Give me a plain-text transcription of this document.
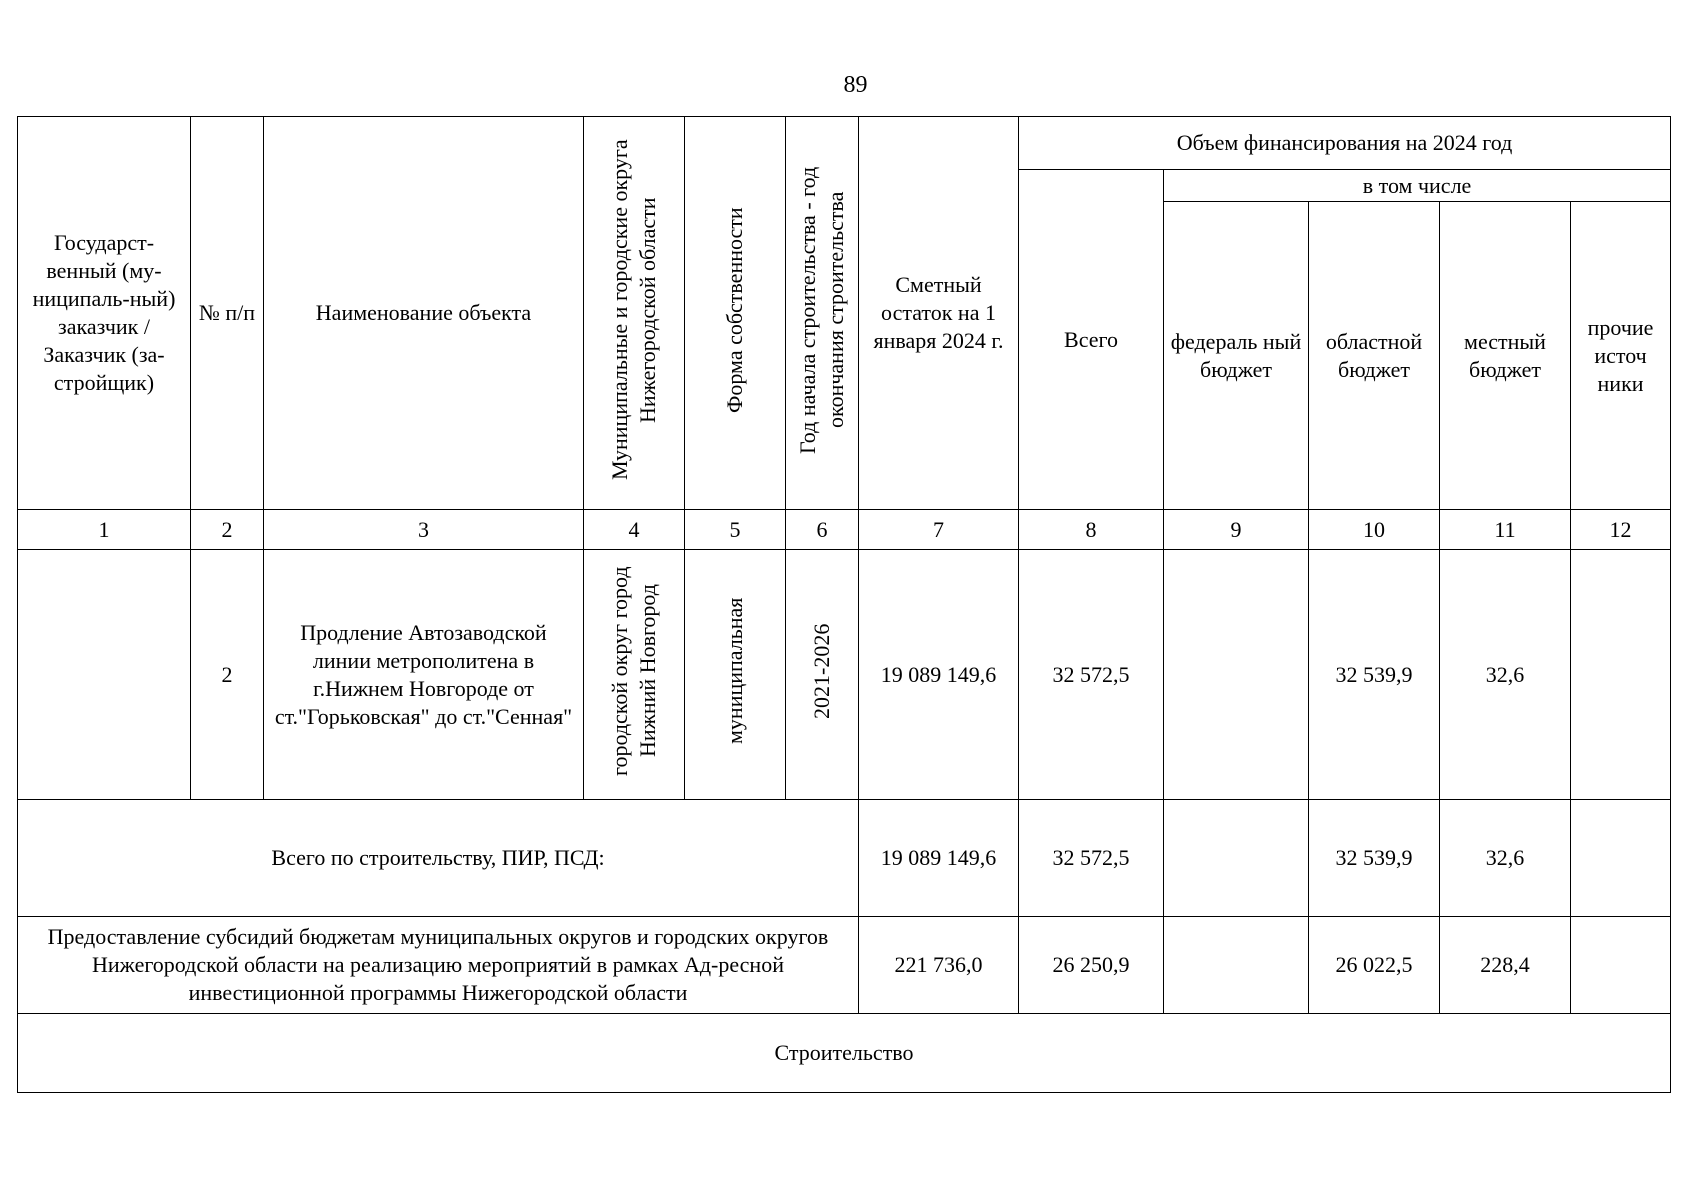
89
Государст- венный (му-ниципаль-ный) заказчик / Заказчик (за-стройщик)	№ п/п	Наименование объекта	Муниципальные и городские округа Нижегородской области	Форма собственности	Год начала строительства - год окончания строительства	Сметный остаток на 1 января 2024 г.	Объем финансирования на 2024 год				
							Всего	в том числе			
								федераль ный бюджет	областной бюджет	местный бюджет	прочие источ ники
1	2	3	4	5	6	7	8	9	10	11	12
	2	Продление Автозаводской линии метрополитена в г.Нижнем Новгороде от ст."Горьковская" до ст."Сенная"	городской округ город Нижний Новгород	муниципальная	2021-2026	19 089 149,6	32 572,5		32 539,9	32,6	
Всего по строительству, ПИР, ПСД:						19 089 149,6	32 572,5		32 539,9	32,6	
Предоставление субсидий бюджетам муниципальных округов и городских округов Нижегородской области на реализацию мероприятий в рамках Ад-ресной инвестиционной программы Нижегородской области						221 736,0	26 250,9		26 022,5	228,4	
Строительство											
